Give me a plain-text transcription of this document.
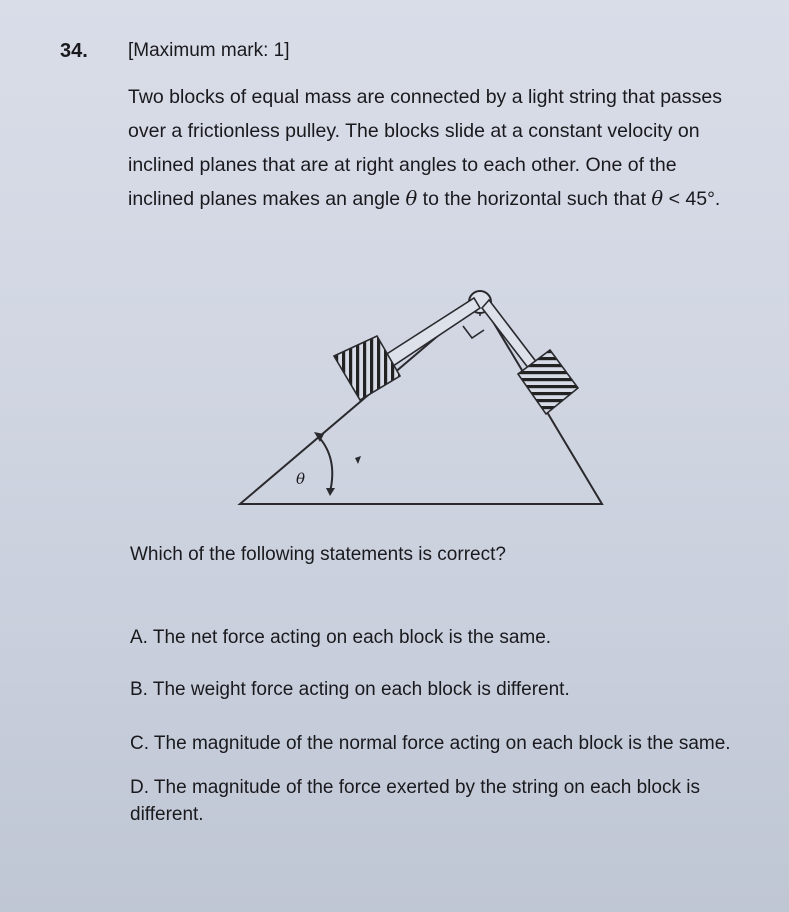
34. [Maximum mark: 1]

Two blocks of equal mass are connected by a light string that passes

over a frictionless pulley. The blocks slide at a constant velocity on

inclined planes that are at right angles to each other. One of the

inclined planes makes an angle θ to the horizontal such that θ < 45°.

θ
Which of the following statements is correct?
A. The net force acting on each block is the same.
B. The weight force acting on each block is different.
C. The magnitude of the normal force acting on each block is the same.
D. The magnitude of the force exerted by the string on each block is different.
